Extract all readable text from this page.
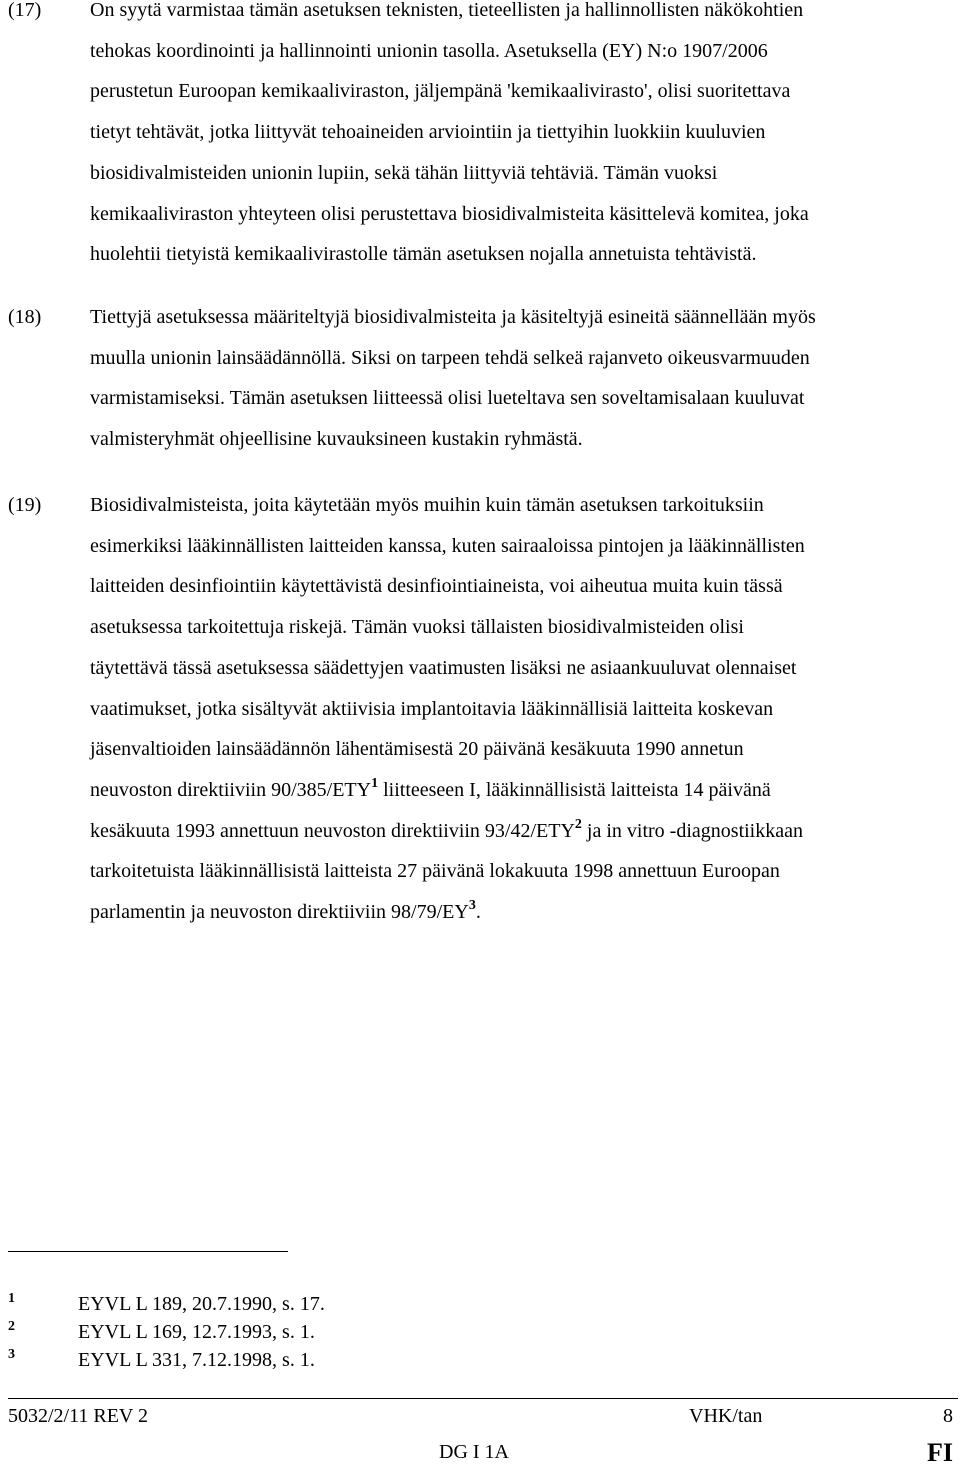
(17) On syytä varmistaa tämän asetuksen teknisten, tieteellisten ja hallinnollisten näkökohtien
tehokas koordinointi ja hallinnointi unionin tasolla. Asetuksella (EY) N:o 1907/2006
perustetun Euroopan kemikaaliviraston, jäljempänä 'kemikaalivirasto', olisi suoritettava
tietyt tehtävät, jotka liittyvät tehoaineiden arviointiin ja tiettyihin luokkiin kuuluvien
biosidivalmisteiden unionin lupiin, sekä tähän liittyviä tehtäviä. Tämän vuoksi
kemikaaliviraston yhteyteen olisi perustettava biosidivalmisteita käsittelevä komitea, joka
huolehtii tietyistä kemikaalivirastolle tämän asetuksen nojalla annetuista tehtävistä.
(18) Tiettyjä asetuksessa määriteltyjä biosidivalmisteita ja käsiteltyjä esineitä säännellään myös
muulla unionin lainsäädännöllä. Siksi on tarpeen tehdä selkeä rajanveto oikeusvarmuuden
varmistamiseksi. Tämän asetuksen liitteessä olisi lueteltava sen soveltamisalaan kuuluvat
valmisteryhmät ohjeellisine kuvauksineen kustakin ryhmästä.
(19) Biosidivalmisteista, joita käytetään myös muihin kuin tämän asetuksen tarkoituksiin
esimerkiksi lääkinnällisten laitteiden kanssa, kuten sairaaloissa pintojen ja lääkinnällisten
laitteiden desinfiointiin käytettävistä desinfiointiaineista, voi aiheutua muita kuin tässä
asetuksessa tarkoitettuja riskejä. Tämän vuoksi tällaisten biosidivalmisteiden olisi
täytettävä tässä asetuksessa säädettyjen vaatimusten lisäksi ne asiaankuuluvat olennaiset
vaatimukset, jotka sisältyvät aktiivisia implantoitavia lääkinnällisiä laitteita koskevan
jäsenvaltioiden lainsäädännön lähentämisestä 20 päivänä kesäkuuta 1990 annetun
neuvoston direktiiviin 90/385/ETY$^1$ liitteeseen I, lääkinnällisistä laitteista 14 päivänä
kesäkuuta 1993 annettuun neuvoston direktiiviin 93/42/ETY$^2$ ja in vitro -diagnostiikkaan
tarkoitetuista lääkinnällisistä laitteista 27 päivänä lokakuuta 1998 annettuun Euroopan
parlamentin ja neuvoston direktiiviin $98/79/EY^3$.
1	EYVL L 189, 20.7.1990, s. 17.
2	EYVL L 169, 12.7.1993, s. 1.
3	EYVL L 331, 7.12.1998, s. 1.
5032/2/11 REV 2	VHK/tan	8
DG I 1A	FI
